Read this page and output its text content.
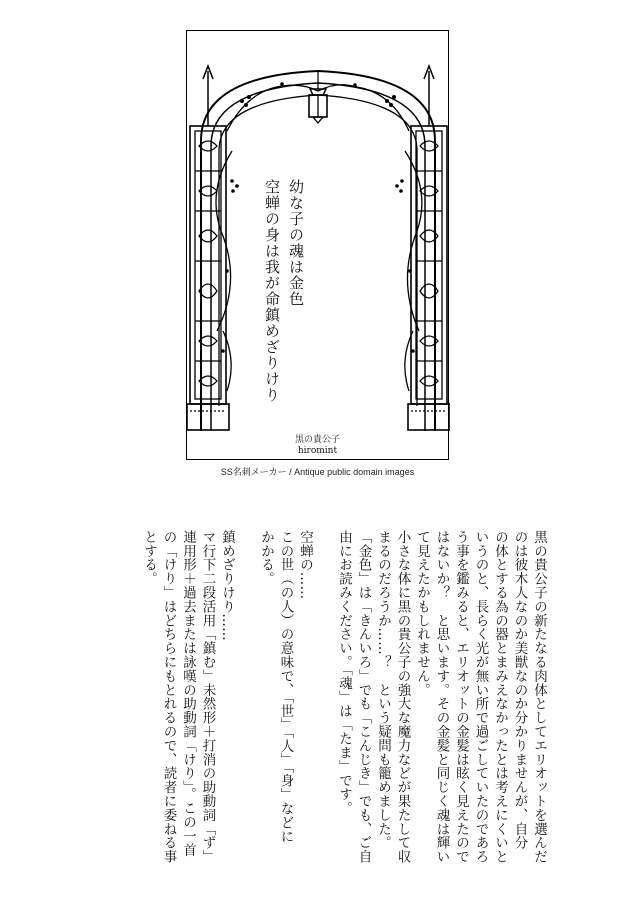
幼な子の魂は金色
空蝉の身は我が命鎮めざりけり
黒の貴公子
hiromint
SS名刺メーカー / Antique public domain images
黒の貴公子の新たなる肉体としてエリオットを選んだ
のは彼木人なのか美獣なのか分かりませんが、自分
の体とする為の器とまみえなかったとは考えにくいと
いうのと、長らく光が無い所で過ごしていたのであろ
う事を鑑みると、エリオットの金髪は眩く見えたので
はないか？　と思います。その金髪と同じく魂は輝い
て見えたかもしれません。
小さな体に黒の貴公子の強大な魔力などが果たして収
まるのだろうか……？　という疑問も籠めました。
「金色」は「きんいろ」でも「こんじき」でも、ご自
由にお読みください。「魂」は「たま」です。
空蝉の……
この世（の人）の意味で、「世」「人」「身」などに
かかる。
鎮めざりけり……
マ行下二段活用「鎮む」未然形＋打消の助動詞「ず」
連用形＋過去または詠嘆の助動詞「けり」。この一首
の「けり」はどちらにもとれるので、読者に委ねる事
とする。
